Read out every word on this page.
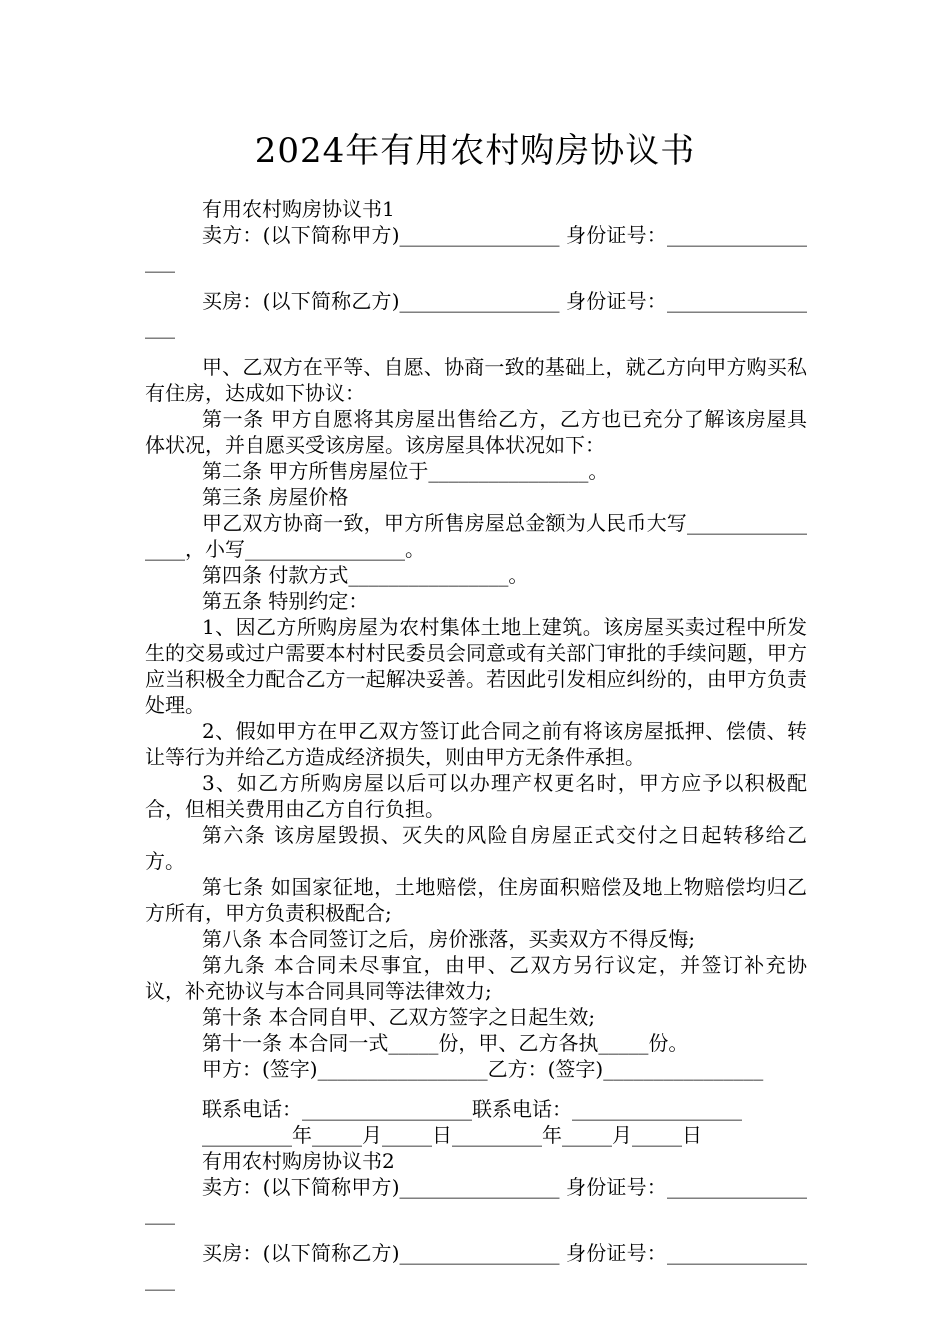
2024年有用农村购房协议书

有用农村购房协议书1

卖方：(以下简称甲方)________________ 身份证号：_________________

买房：(以下简称乙方)________________ 身份证号：_________________

甲、乙双方在平等、自愿、协商一致的基础上，就乙方向甲方购买私有住房，达成如下协议：

第一条 甲方自愿将其房屋出售给乙方，乙方也已充分了解该房屋具体状况，并自愿买受该房屋。该房屋具体状况如下：

第二条 甲方所售房屋位于________________。

第三条 房屋价格

甲乙双方协商一致，甲方所售房屋总金额为人民币大写________________，小写________________。

第四条 付款方式________________。

第五条 特别约定：

1、因乙方所购房屋为农村集体土地上建筑。该房屋买卖过程中所发生的交易或过户需要本村村民委员会同意或有关部门审批的手续问题，甲方应当积极全力配合乙方一起解决妥善。若因此引发相应纠纷的，由甲方负责处理。

2、假如甲方在甲乙双方签订此合同之前有将该房屋抵押、偿债、转让等行为并给乙方造成经济损失，则由甲方无条件承担。

3、如乙方所购房屋以后可以办理产权更名时，甲方应予以积极配合，但相关费用由乙方自行负担。

第六条 该房屋毁损、灭失的风险自房屋正式交付之日起转移给乙方。

第七条 如国家征地，土地赔偿，住房面积赔偿及地上物赔偿均归乙方所有，甲方负责积极配合;

第八条 本合同签订之后，房价涨落，买卖双方不得反悔;

第九条 本合同未尽事宜，由甲、乙双方另行议定，并签订补充协议，补充协议与本合同具同等法律效力;

第十条 本合同自甲、乙双方签字之日起生效;

第十一条 本合同一式_____份，甲、乙方各执_____份。

甲方：(签字)_________________乙方：(签字)________________

联系电话：_________________联系电话：_________________

_________年_____月_____日_________年_____月_____日

有用农村购房协议书2

卖方：(以下简称甲方)________________ 身份证号：_________________

买房：(以下简称乙方)________________ 身份证号：_________________
